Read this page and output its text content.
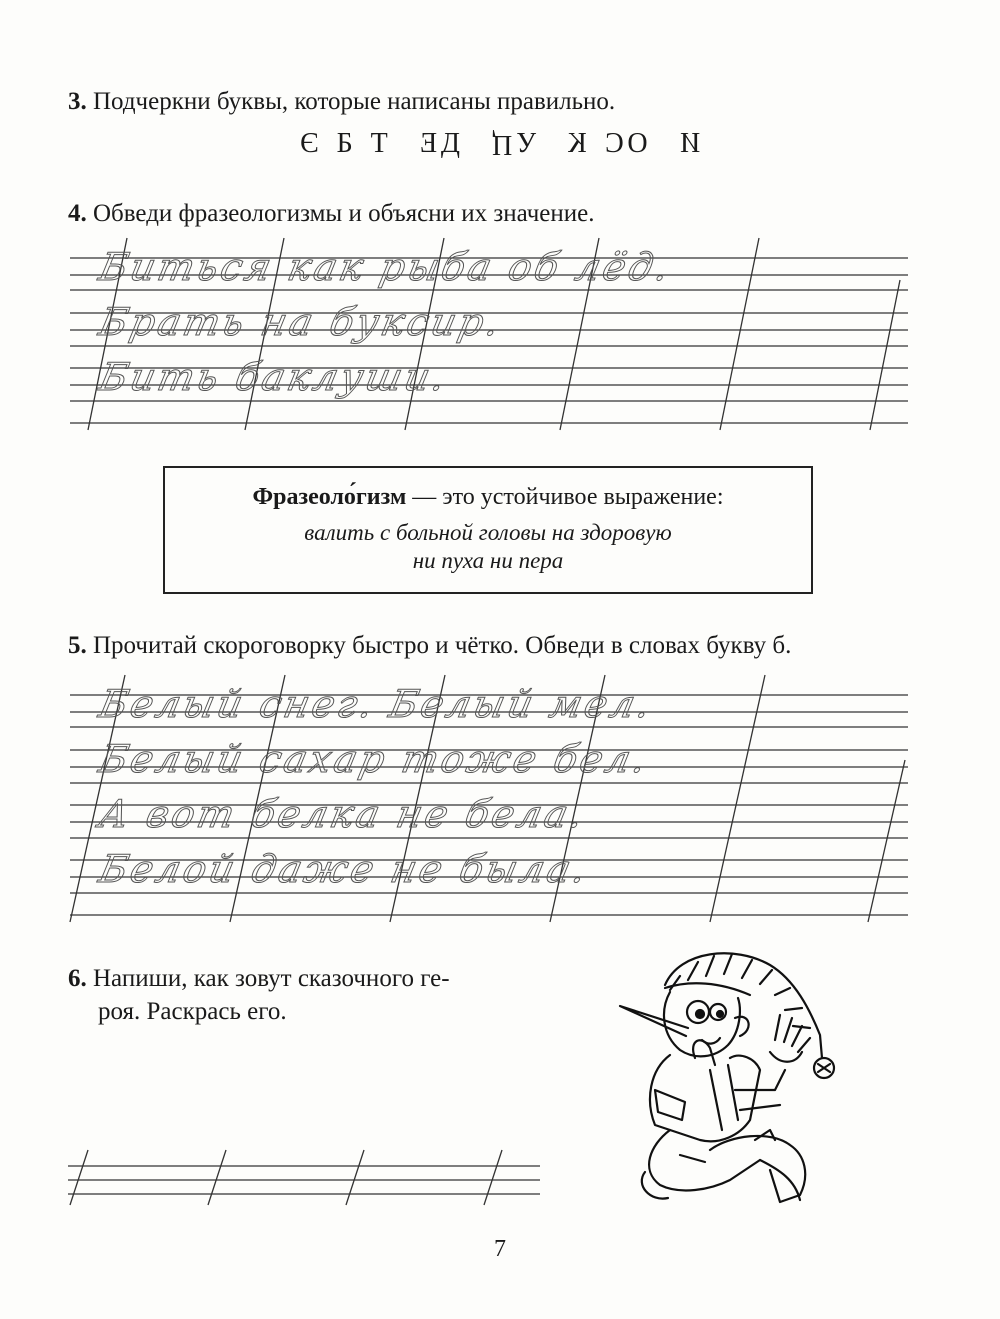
3. Подчеркни буквы, которые написаны правильно.
Є Б Т Е Д Ц У К С О И
4. Обведи фразеологизмы и объясни их значение.
Биться как рыба об лёд.
Брать на буксир.
Бить баклуши.
Фразеоло́гизм — это устойчивое выражение:
валить с больной головы на здоровую
ни пуха ни пера
5. Прочитай скороговорку быстро и чётко. Обведи в словах букву б.
Белый снег. Белый мел.
Белый сахар тоже бел.
А вот белка не бела.
Белой даже не была.
6. Напиши, как зовут сказочного ге-
роя. Раскрась его.
7
